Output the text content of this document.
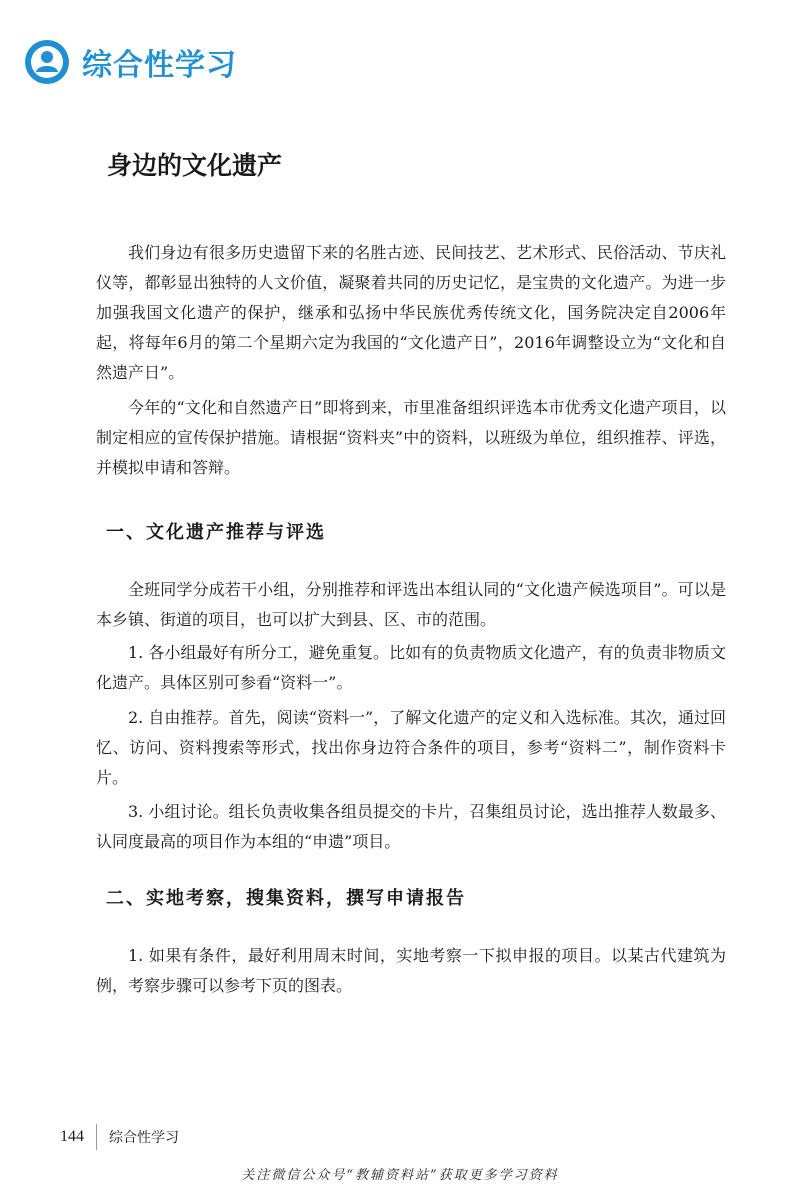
综合性学习
身边的文化遗产

我们身边有很多历史遗留下来的名胜古迹、民间技艺、艺术形式、民俗活动、节庆礼仪等，都彰显出独特的人文价值，凝聚着共同的历史记忆，是宝贵的文化遗产。为进一步加强我国文化遗产的保护，继承和弘扬中华民族优秀传统文化，国务院决定自2006年起，将每年6月的第二个星期六定为我国的“文化遗产日”，2016年调整设立为“文化和自然遗产日”。

今年的“文化和自然遗产日”即将到来，市里准备组织评选本市优秀文化遗产项目，以制定相应的宣传保护措施。请根据“资料夹”中的资料，以班级为单位，组织推荐、评选，并模拟申请和答辩。

一、文化遗产推荐与评选

全班同学分成若干小组，分别推荐和评选出本组认同的“文化遗产候选项目”。可以是本乡镇、街道的项目，也可以扩大到县、区、市的范围。

1. 各小组最好有所分工，避免重复。比如有的负责物质文化遗产，有的负责非物质文化遗产。具体区别可参看“资料一”。

2. 自由推荐。首先，阅读“资料一”，了解文化遗产的定义和入选标准。其次，通过回忆、访问、资料搜索等形式，找出你身边符合条件的项目，参考“资料二”，制作资料卡片。

3. 小组讨论。组长负责收集各组员提交的卡片，召集组员讨论，选出推荐人数最多、认同度最高的项目作为本组的“申遗”项目。

二、实地考察，搜集资料，撰写申请报告

1. 如果有条件，最好利用周末时间，实地考察一下拟申报的项目。以某古代建筑为例，考察步骤可以参考下页的图表。

144 综合性学习
关注微信公众号“教辅资料站”获取更多学习资料
